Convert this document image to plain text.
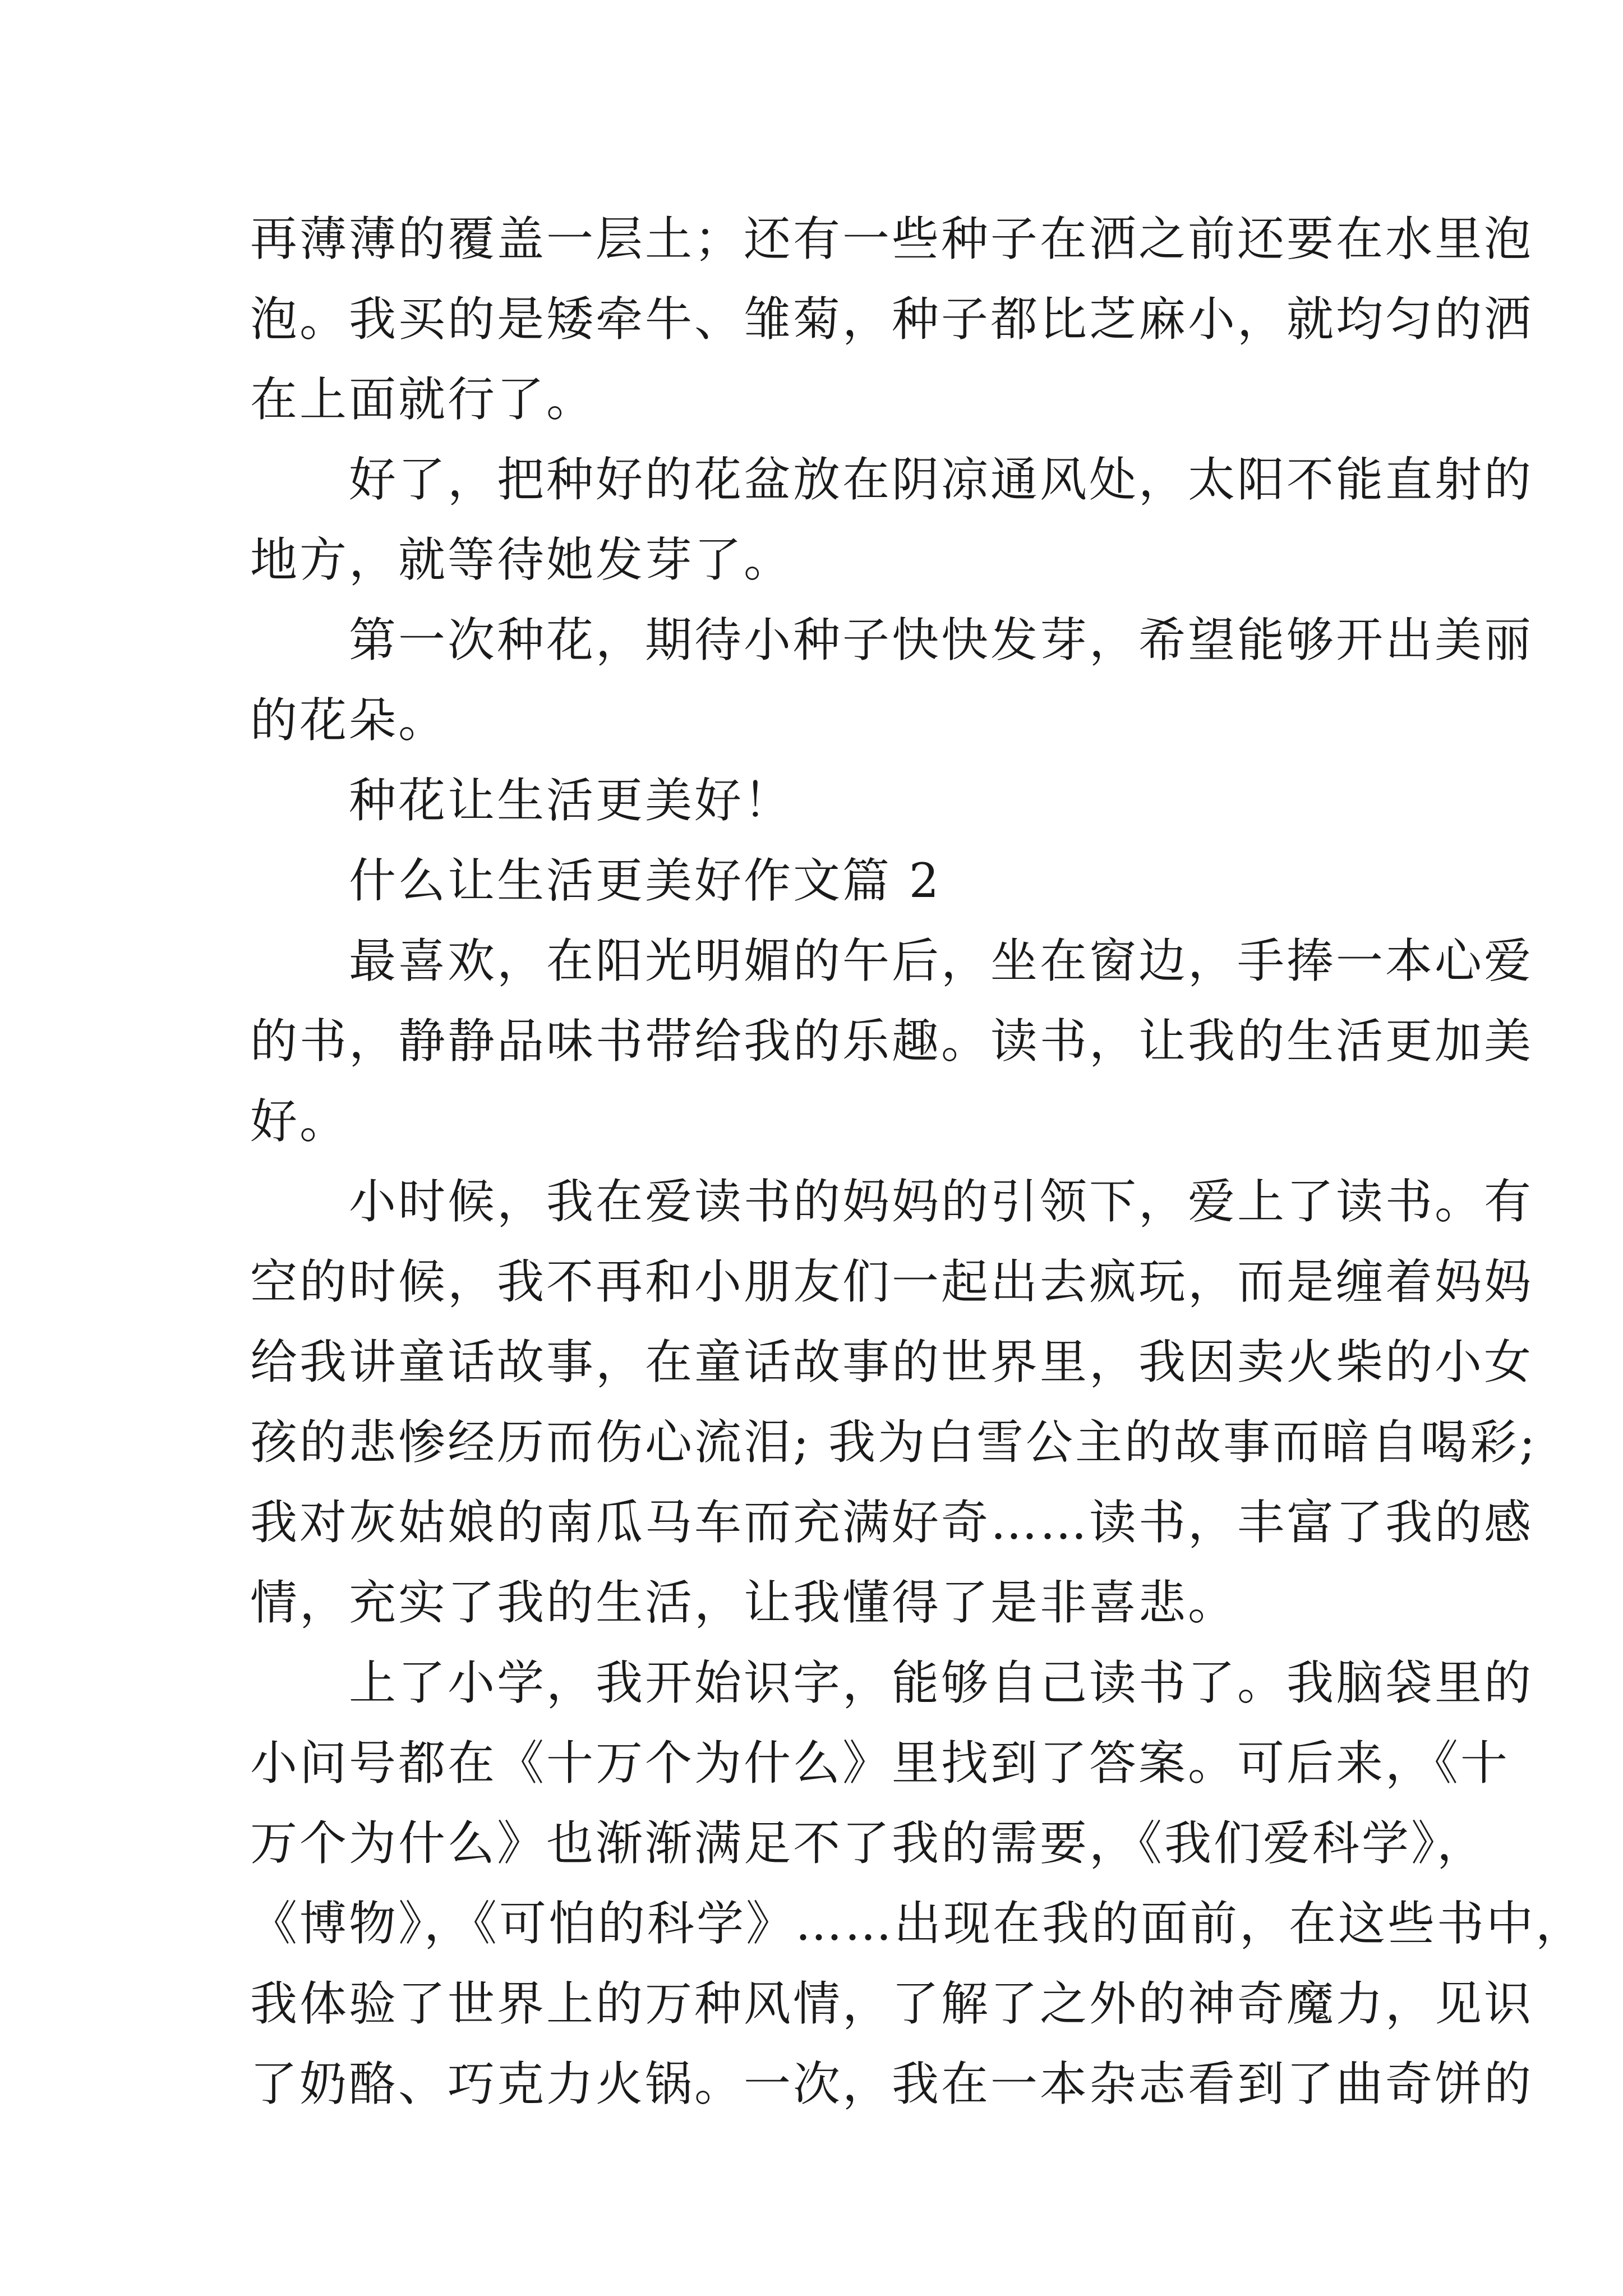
再薄薄的覆盖一层土；还有一些种子在洒之前还要在水里泡
泡。我买的是矮牵牛、雏菊，种子都比芝麻小，就均匀的洒
在上面就行了。
　　好了，把种好的花盆放在阴凉通风处，太阳不能直射的
地方，就等待她发芽了。
　　第一次种花，期待小种子快快发芽，希望能够开出美丽
的花朵。
　　种花让生活更美好！
　　什么让生活更美好作文篇 2
　　最喜欢，在阳光明媚的午后，坐在窗边，手捧一本心爱
的书，静静品味书带给我的乐趣。读书，让我的生活更加美
好。
　　小时候，我在爱读书的妈妈的引领下，爱上了读书。有
空的时候，我不再和小朋友们一起出去疯玩，而是缠着妈妈
给我讲童话故事，在童话故事的世界里，我因卖火柴的小女
孩的悲惨经历而伤心流泪; 我为白雪公主的故事而暗自喝彩;
我对灰姑娘的南瓜马车而充满好奇……读书，丰富了我的感
情，充实了我的生活，让我懂得了是非喜悲。
　　上了小学，我开始识字，能够自己读书了。我脑袋里的
小问号都在《十万个为什么》里找到了答案。可后来，《十
万个为什么》也渐渐满足不了我的需要，《我们爱科学》，
《博物》，《可怕的科学》……出现在我的面前，在这些书中，
我体验了世界上的万种风情，了解了之外的神奇魔力，见识
了奶酪、巧克力火锅。一次，我在一本杂志看到了曲奇饼的
